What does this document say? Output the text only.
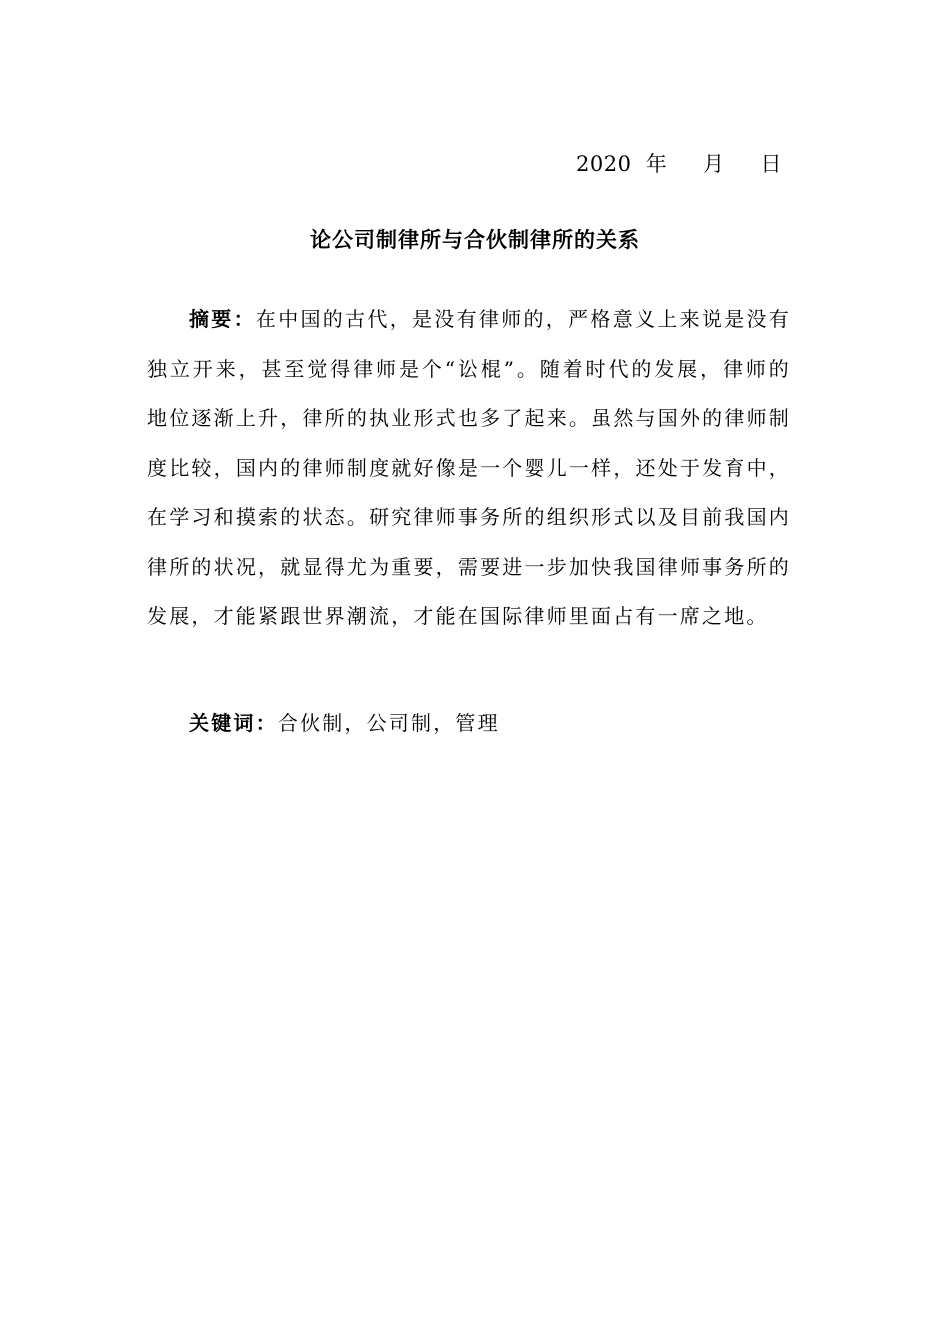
2020  年     月     日
论公司制律所与合伙制律所的关系

摘要：在中国的古代，是没有律师的，严格意义上来说是没有独立开来，甚至觉得律师是个“讼棍”。随着时代的发展，律师的地位逐渐上升，律所的执业形式也多了起来。虽然与国外的律师制度比较，国内的律师制度就好像是一个婴儿一样，还处于发育中，在学习和摸索的状态。研究律师事务所的组织形式以及目前我国内律所的状况，就显得尤为重要，需要进一步加快我国律师事务所的发展，才能紧跟世界潮流，才能在国际律师里面占有一席之地。

关键词：合伙制，公司制，管理
